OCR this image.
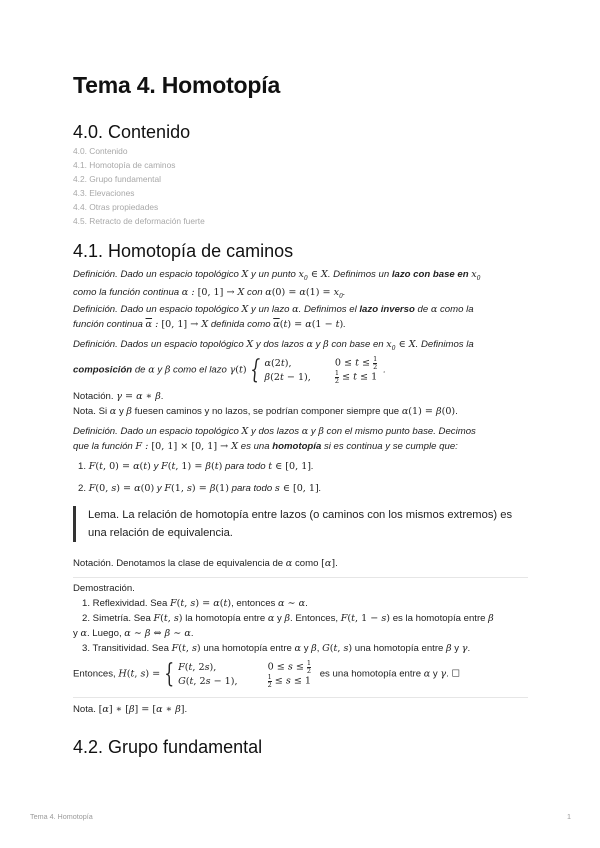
Tema 4. Homotopía
4.0. Contenido
4.0. Contenido
4.1. Homotopía de caminos
4.2. Grupo fundamental
4.3. Elevaciones
4.4. Otras propiedades
4.5. Retracto de deformación fuerte
4.1. Homotopía de caminos
Definición. Dado un espacio topológico X y un punto $x_0$ ∈ X. Definimos un lazo con base en $x_0$
como la función continua α : [0, 1] → X con $\alpha(0) = \alpha(1) = x_0$.
Definición. Dado un espacio topológico X y un lazo α. Definimos el lazo inverso de α como la
función continua $\overline{\alpha}$ : [0, 1] → X definida como $\overline{\alpha}(t) = \alpha(1 - t)$.
Definición. Dados un espacio topológico X y dos lazos α y β con base en $x_0$ ∈ X. Definimos la
composición de α y β como el lazo γ(t) { α(2t),	$0 \le t \le \frac{1}{2}$

β(2t − 1),	$\frac{1}{2} \le t \le 1$.
Notación. γ = α ∗ β.
Nota. Si α y β fuesen caminos y no lazos, se podrían componer siempre que α(1) = β(0).
Definición. Dado un espacio topológico X y dos lazos α y β con el mismo punto base. Decimos
que la función F : [0, 1] × [0, 1] → X es una homotopía si es continua y se cumple que:
1. F(t, 0) = α(t) y F(t, 1) = β(t) para todo t ∈ [0, 1].
2. F(0, s) = α(0) y F(1, s) = β(1) para todo s ∈ [0, 1].
Lema. La relación de homotopía entre lazos (o caminos con los mismos extremos) es una relación de equivalencia.
Notación. Denotamos la clase de equivalencia de α como [α].
Demostración.
1. Reflexividad. Sea F(t, s) = α(t), entonces α ∼ α.
2. Simetría. Sea F(t, s) la homotopía entre α y β. Entonces, F(t, 1 − s) es la homotopía entre β
y α. Luego, α ∼ β ⇔ β ∼ α.
3. Transitividad. Sea F(t, s) una homotopía entre α y β, G(t, s) una homotopía entre β y γ.
Entonces, H(t, s) = { F(t, 2s),	$0 \le s \le \frac{1}{2}$

G(t, 2s − 1),	$\frac{1}{2} \le s \le 1$ es una homotopía entre α y γ. ☐
Nota. [α] ∗ [β] = [α ∗ β].
4.2. Grupo fundamental
Tema 4. Homotopía	1
